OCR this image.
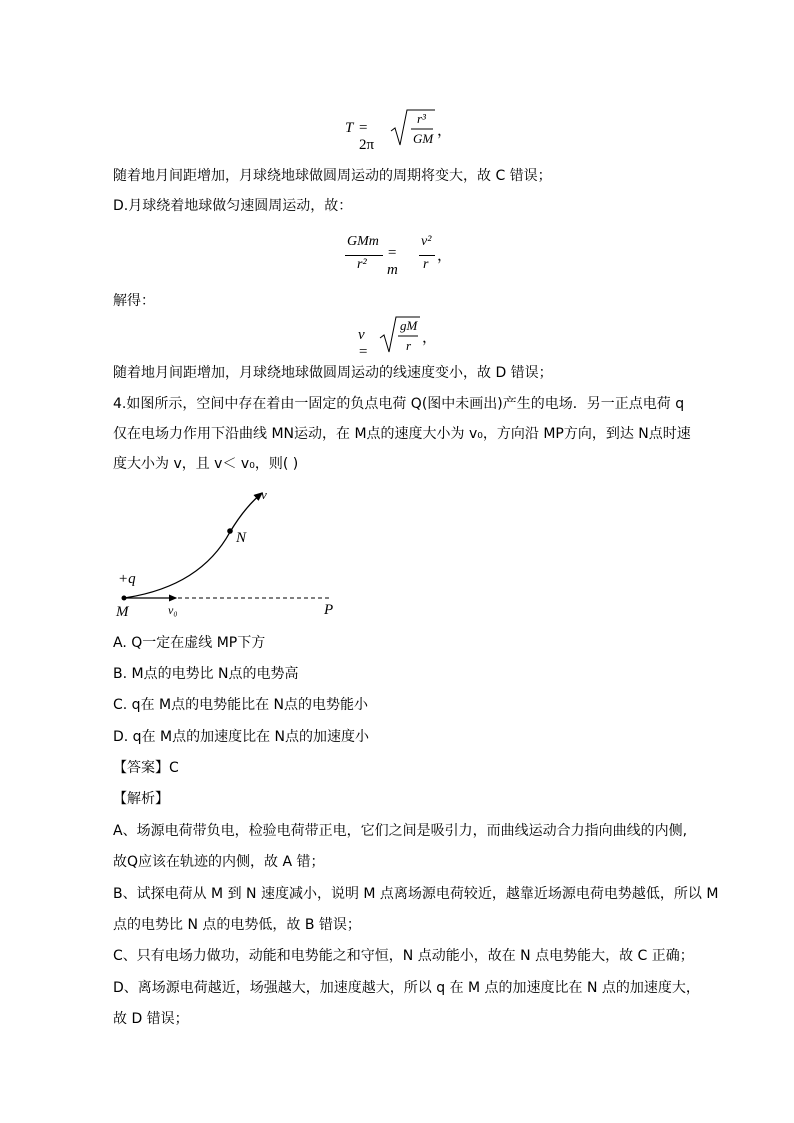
T = 2π
r³
GM ，
随着地月间距增加，月球绕地球做圆周运动的周期将变大，故 C 错误；
D.月球绕着地球做匀速圆周运动，故：
GMm
r²
= m
v²
r
，
解得：
v =
gM
r ，
随着地月间距增加，月球绕地球做圆周运动的线速度变小，故 D 错误；
4.如图所示，空间中存在着由一固定的负点电荷 Q(图中未画出)产生的电场．另一正点电荷 q
仅在电场力作用下沿曲线 MN运动，在 M点的速度大小为 v₀，方向沿 MP方向，到达 N点时速
度大小为 v，且 v＜ v₀，则( )
v
N
+q
M	v₀	P
A. Q一定在虚线 MP下方
B. M点的电势比 N点的电势高
C. q在 M点的电势能比在 N点的电势能小
D. q在 M点的加速度比在 N点的加速度小
【答案】C
【解析】
A、场源电荷带负电，检验电荷带正电，它们之间是吸引力，而曲线运动合力指向曲线的内侧,
故Q应该在轨迹的内侧，故 A 错；
B、试探电荷从 M 到 N 速度减小，说明 M 点离场源电荷较近，越靠近场源电荷电势越低，所以 M
点的电势比 N 点的电势低，故 B 错误；
C、只有电场力做功，动能和电势能之和守恒，N 点动能小，故在 N 点电势能大，故 C 正确；
D、离场源电荷越近，场强越大，加速度越大，所以 q 在 M 点的加速度比在 N 点的加速度大，
故 D 错误；
